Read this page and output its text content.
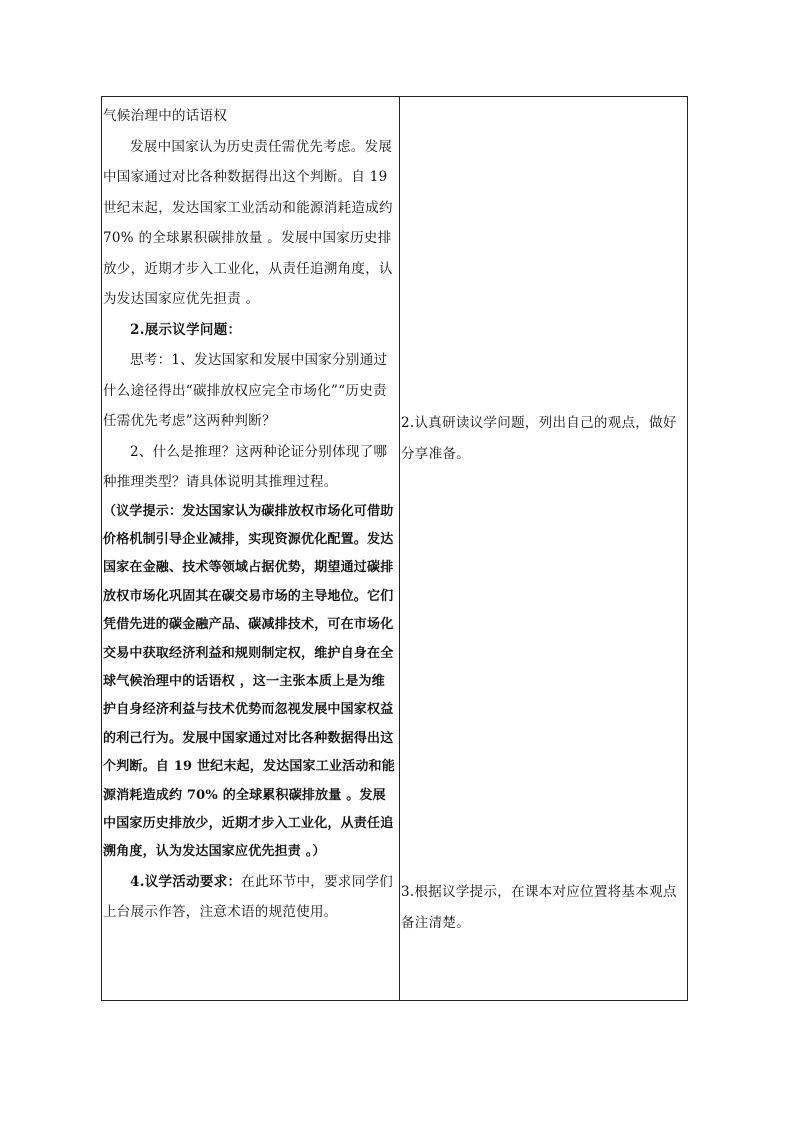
气候治理中的话语权

发展中国家认为历史责任需优先考虑。发展中国家通过对比各种数据得出这个判断。自 19 世纪末起，发达国家工业活动和能源消耗造成约 70% 的全球累积碳排放量 。发展中国家历史排放少，近期才步入工业化，从责任追溯角度，认为发达国家应优先担责 。

2.展示议学问题：

思考：1、发达国家和发展中国家分别通过什么途径得出“碳排放权应完全市场化”“历史责任需优先考虑”这两种判断？

2、什么是推理？这两种论证分别体现了哪种推理类型？请具体说明其推理过程。

（议学提示：发达国家认为碳排放权市场化可借助价格机制引导企业减排，实现资源优化配置。发达国家在金融、技术等领域占据优势，期望通过碳排放权市场化巩固其在碳交易市场的主导地位。它们凭借先进的碳金融产品、碳减排技术，可在市场化交易中获取经济利益和规则制定权，维护自身在全球气候治理中的话语权 ，这一主张本质上是为维护自身经济利益与技术优势而忽视发展中国家权益的利己行为。发展中国家通过对比各种数据得出这个判断。自 19 世纪末起，发达国家工业活动和能源消耗造成约 70% 的全球累积碳排放量 。发展中国家历史排放少，近期才步入工业化，从责任追溯角度，认为发达国家应优先担责 。）

4.议学活动要求：在此环节中，要求同学们上台展示作答，注意术语的规范使用。

2.认真研读议学问题，列出自己的观点，做好分享准备。

3.根据议学提示，在课本对应位置将基本观点备注清楚。
